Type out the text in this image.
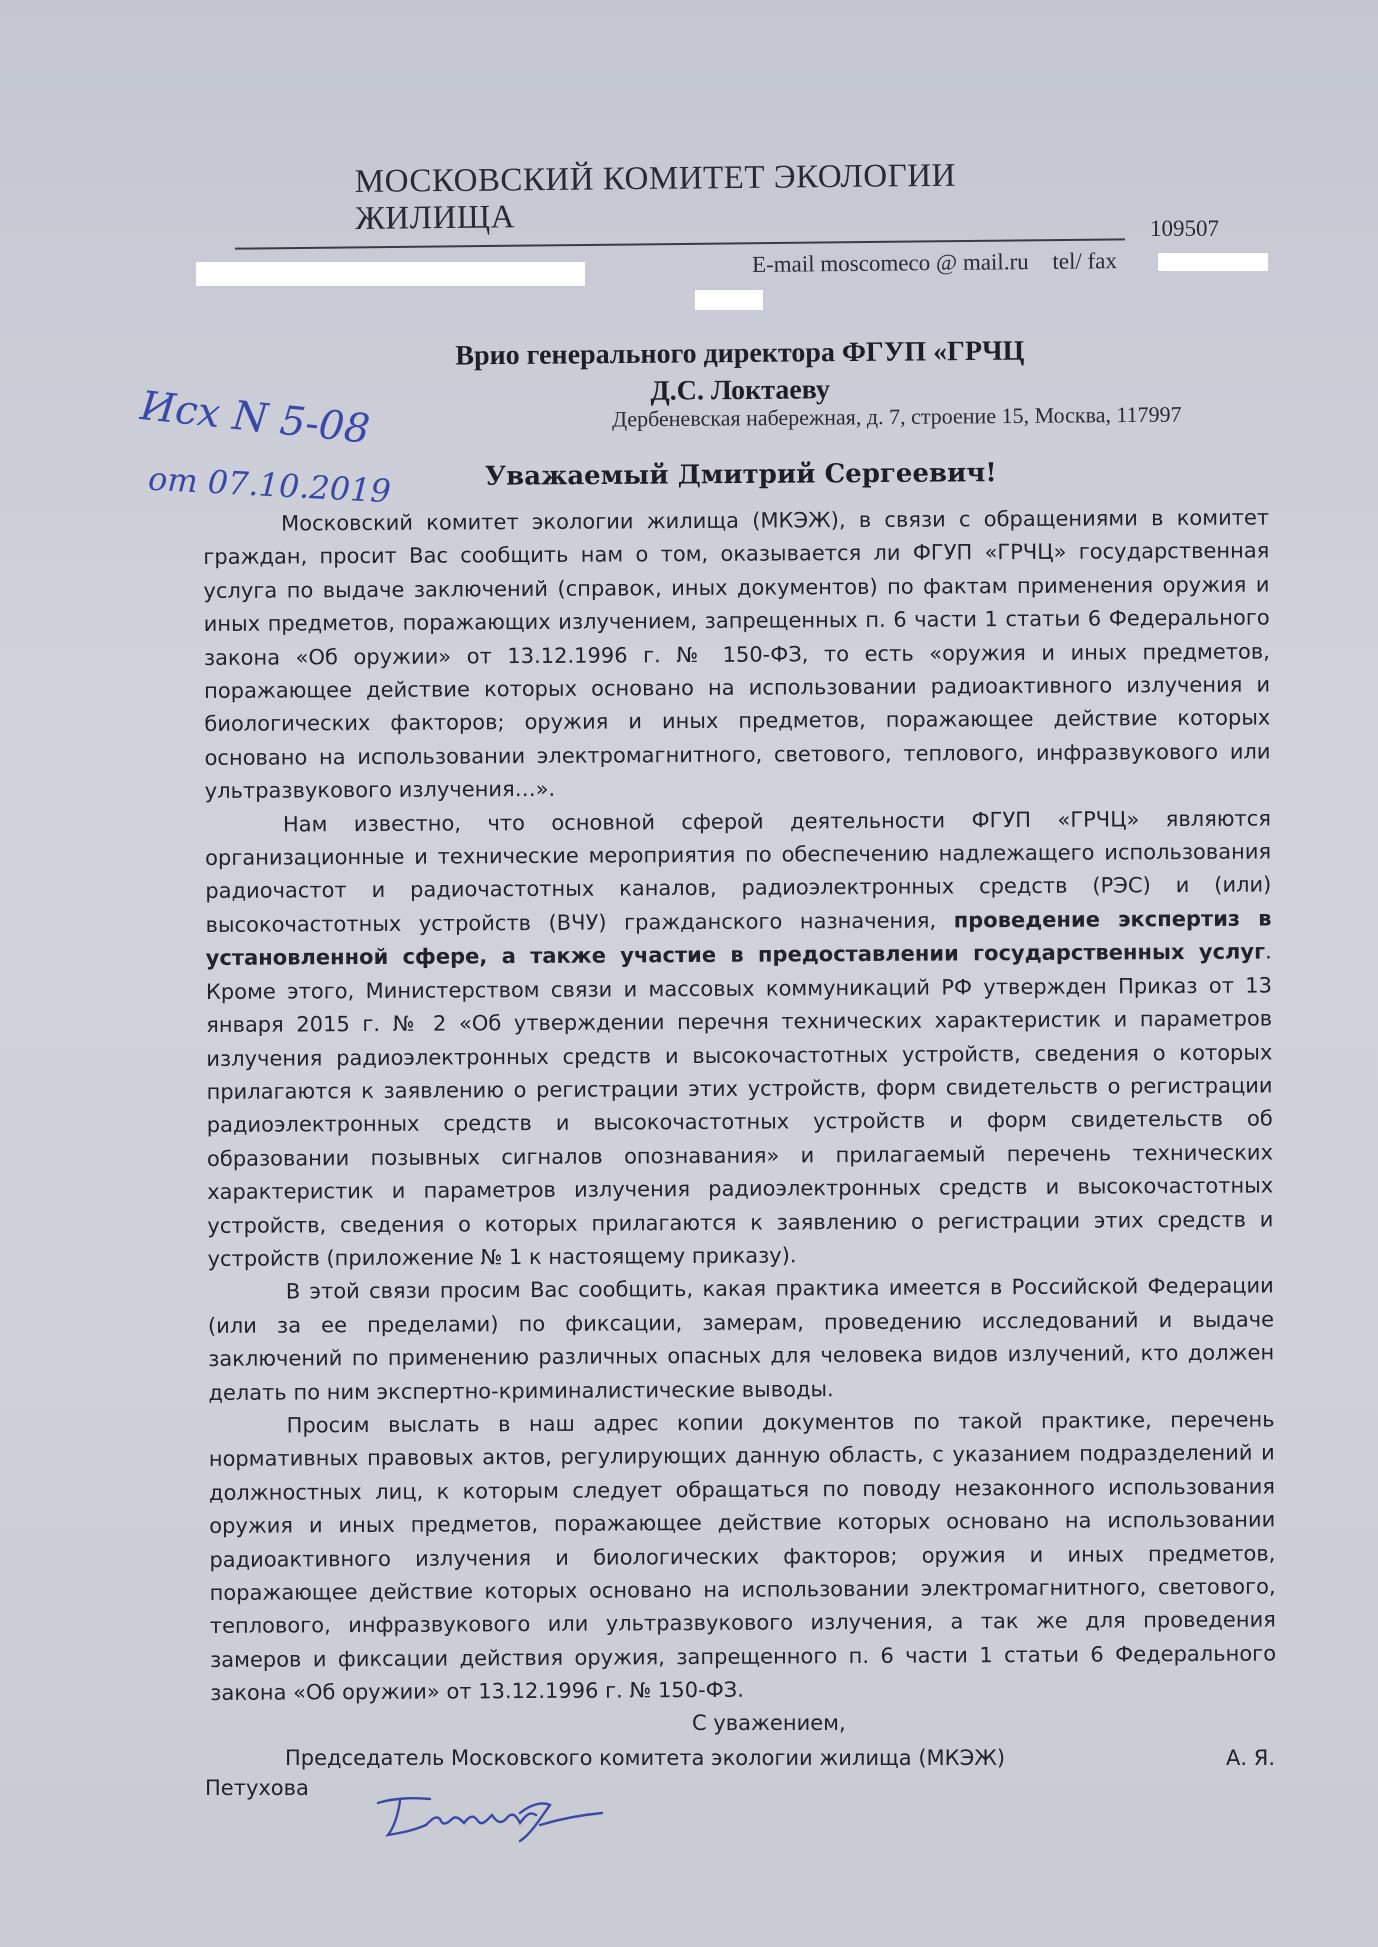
МОСКОВСКИЙ КОМИТЕТ ЭКОЛОГИИ ЖИЛИЩА	109507
E-mail moscomeco @ mail.ru tel/ fax
Врио генерального директора ФГУП «ГРЧЦ
Д.С. Локтаеву
Дербеневская набережная, д. 7, строение 15, Москва, 117997
Исх N 5-08
от 07.10.2019	Уважаемый Дмитрий Сергеевич!

Московский комитет экологии жилища (МКЭЖ), в связи с обращениями в комитет граждан, просит Вас сообщить нам о том, оказывается ли ФГУП «ГРЧЦ» государственная услуга по выдаче заключений (справок, иных документов) по фактам применения оружия и иных предметов, поражающих излучением, запрещенных п. 6 части 1 статьи 6 Федерального закона «Об оружии» от 13.12.1996 г. № 150-ФЗ, то есть «оружия и иных предметов, поражающее действие которых основано на использовании радиоактивного излучения и биологических факторов; оружия и иных предметов, поражающее действие которых основано на использовании электромагнитного, светового, теплового, инфразвукового или ультразвукового излучения…».

Нам известно, что основной сферой деятельности ФГУП «ГРЧЦ» являются организационные и технические мероприятия по обеспечению надлежащего использования радиочастот и радиочастотных каналов, радиоэлектронных средств (РЭС) и (или) высокочастотных устройств (ВЧУ) гражданского назначения, проведение экспертиз в установленной сфере, а также участие в предоставлении государственных услуг. Кроме этого, Министерством связи и массовых коммуникаций РФ утвержден Приказ от 13 января 2015 г. № 2 «Об утверждении перечня технических характеристик и параметров излучения радиоэлектронных средств и высокочастотных устройств, сведения о которых прилагаются к заявлению о регистрации этих устройств, форм свидетельств о регистрации радиоэлектронных средств и высокочастотных устройств и форм свидетельств об образовании позывных сигналов опознавания» и прилагаемый перечень технических характеристик и параметров излучения радиоэлектронных средств и высокочастотных устройств, сведения о которых прилагаются к заявлению о регистрации этих средств и устройств (приложение № 1 к настоящему приказу).

В этой связи просим Вас сообщить, какая практика имеется в Российской Федерации (или за ее пределами) по фиксации, замерам, проведению исследований и выдаче заключений по применению различных опасных для человека видов излучений, кто должен делать по ним экспертно-криминалистические выводы.

Просим выслать в наш адрес копии документов по такой практике, перечень нормативных правовых актов, регулирующих данную область, с указанием подразделений и должностных лиц, к которым следует обращаться по поводу незаконного использования оружия и иных предметов, поражающее действие которых основано на использовании радиоактивного излучения и биологических факторов; оружия и иных предметов, поражающее действие которых основано на использовании электромагнитного, светового, теплового, инфразвукового или ультразвукового излучения, а так же для проведения замеров и фиксации действия оружия, запрещенного п. 6 части 1 статьи 6 Федерального закона «Об оружии» от 13.12.1996 г. № 150-ФЗ.

С уважением,
Председатель Московского комитета экологии жилища (МКЭЖ)	А. Я.
Петухова
